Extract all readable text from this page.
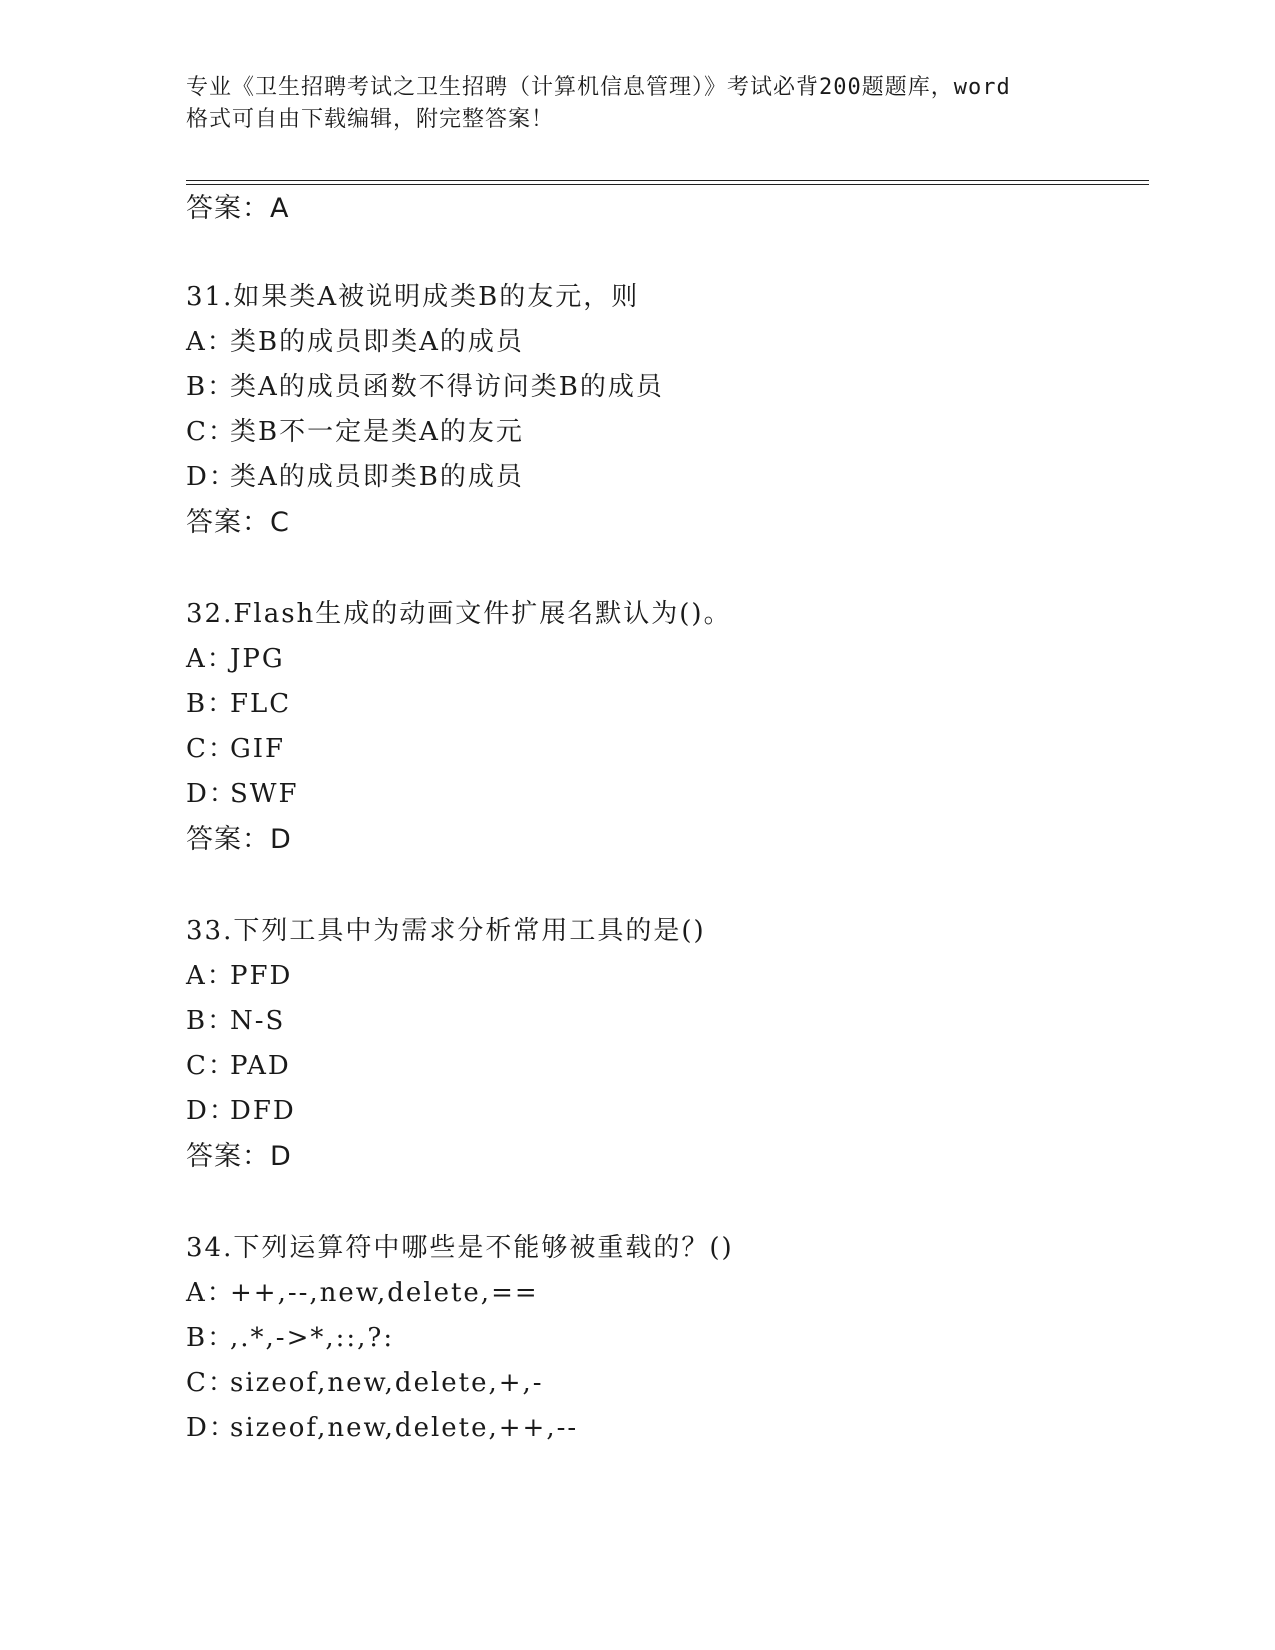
专业《卫生招聘考试之卫生招聘（计算机信息管理）》考试必背200题题库，word
格式可自由下载编辑，附完整答案！
答案：A
31.如果类A被说明成类B的友元，则
A：类B的成员即类A的成员
B：类A的成员函数不得访问类B的成员
C：类B不一定是类A的友元
D：类A的成员即类B的成员
答案：C
32.Flash生成的动画文件扩展名默认为()。
A：JPG
B：FLC
C：GIF
D：SWF
答案：D
33.下列工具中为需求分析常用工具的是()
A：PFD
B：N-S
C：PAD
D：DFD
答案：D
34.下列运算符中哪些是不能够被重载的？()
A：++,--,new,delete,==
B：,.*,->*,::,?:
C：sizeof,new,delete,+,-
D：sizeof,new,delete,++,--
